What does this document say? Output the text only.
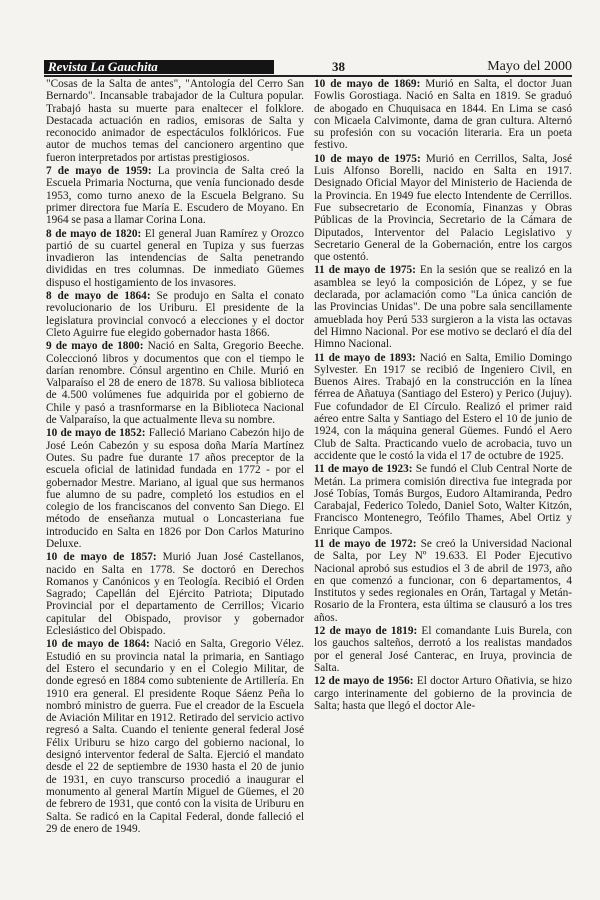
Revista La Gauchita	38	Mayo del 2000

"Cosas de la Salta de antes", "Antología del Cerro San Bernardo". Incansable trabajador de la Cultura popular. Trabajó hasta su muerte para enaltecer el folklore. Destacada actuación en radios, emisoras de Salta y reconocido animador de espectáculos folklóricos. Fue autor de muchos temas del cancionero argentino que fueron interpretados por artistas prestigiosos.

7 de mayo de 1959: La provincia de Salta creó la Escuela Primaria Nocturna, que venía funcionado desde 1953, como turno anexo de la Escuela Belgrano. Su primer directora fue María E. Escudero de Moyano. En 1964 se pasa a llamar Corina Lona.

8 de mayo de 1820: El general Juan Ramírez y Orozco partió de su cuartel general en Tupiza y sus fuerzas invadieron las intendencias de Salta penetrando divididas en tres columnas. De inmediato Güemes dispuso el hostigamiento de los invasores.

8 de mayo de 1864: Se produjo en Salta el conato revolucionario de los Uriburu. El presidente de la legislatura provincial convocó a elecciones y el doctor Cleto Aguirre fue elegido gobernador hasta 1866.

9 de mayo de 1800: Nació en Salta, Gregorio Beeche. Coleccionó libros y documentos que con el tiempo le darían renombre. Cónsul argentino en Chile. Murió en Valparaíso el 28 de enero de 1878. Su valiosa biblioteca de 4.500 volúmenes fue adquirida por el gobierno de Chile y pasó a trasnformarse en la Biblioteca Nacional de Valparaíso, la que actualmente lleva su nombre.

10 de mayo de 1852: Falleció Mariano Cabezón hijo de José León Cabezón y su esposa doña María Martínez Outes. Su padre fue durante 17 años preceptor de la escuela oficial de latinidad fundada en 1772 - por el gobernador Mestre. Mariano, al igual que sus hermanos fue alumno de su padre, completó los estudios en el colegio de los franciscanos del convento San Diego. El método de enseñanza mutual o Loncasteriana fue introducido en Salta en 1826 por Don Carlos Maturino Deluxe.

10 de mayo de 1857: Murió Juan José Castellanos, nacido en Salta en 1778. Se doctoró en Derechos Romanos y Canónicos y en Teología. Recibió el Orden Sagrado; Capellán del Ejército Patriota; Diputado Provincial por el departamento de Cerrillos; Vicario capitular del Obispado, provisor y gobernador Eclesiástico del Obispado.

10 de mayo de 1864: Nació en Salta, Gregorio Vélez. Estudió en su provincia natal la primaria, en Santiago del Estero el secundario y en el Colegio Militar, de donde egresó en 1884 como subteniente de Artillería. En 1910 era general. El presidente Roque Sáenz Peña lo nombró ministro de guerra. Fue el creador de la Escuela de Aviación Militar en 1912. Retirado del servicio activo regresó a Salta. Cuando el teniente general federal José Félix Uriburu se hizo cargo del gobierno nacional, lo designó interventor federal de Salta. Ejerció el mandato desde el 22 de septiembre de 1930 hasta el 20 de junio de 1931, en cuyo transcurso procedió a inaugurar el monumento al general Martín Miguel de Güemes, el 20 de febrero de 1931, que contó con la visita de Uriburu en Salta. Se radicó en la Capital Federal, donde falleció el 29 de enero de 1949.

10 de mayo de 1869: Murió en Salta, el doctor Juan Fowlis Gorostiaga. Nació en Salta en 1819. Se graduó de abogado en Chuquisaca en 1844. En Lima se casó con Micaela Calvimonte, dama de gran cultura. Alternó su profesión con su vocación literaria. Era un poeta festivo.

10 de mayo de 1975: Murió en Cerrillos, Salta, José Luis Alfonso Borelli, nacido en Salta en 1917. Designado Oficial Mayor del Ministerio de Hacienda de la Provincia. En 1949 fue electo Intendente de Cerrillos. Fue subsecretario de Economía, Finanzas y Obras Públicas de la Provincia, Secretario de la Cámara de Diputados, Interventor del Palacio Legislativo y Secretario General de la Gobernación, entre los cargos que ostentó.

11 de mayo de 1975: En la sesión que se realizó en la asamblea se leyó la composición de López, y se fue declarada, por aclamación como "La única canción de las Provincias Unidas". De una pobre sala sencillamente amueblada hoy Perú 533 surgieron a la vista las octavas del Himno Nacional. Por ese motivo se declaró el día del Himno Nacional.

11 de mayo de 1893: Nació en Salta, Emilio Domingo Sylvester. En 1917 se recibió de Ingeniero Civil, en Buenos Aires. Trabajó en la construcción en la línea férrea de Añatuya (Santiago del Estero) y Perico (Jujuy). Fue cofundador de El Círculo. Realizó el primer raid aéreo entre Salta y Santiago del Estero el 10 de junio de 1924, con la máquina general Güemes. Fundó el Aero Club de Salta. Practicando vuelo de acrobacia, tuvo un accidente que le costó la vida el 17 de octubre de 1925.

11 de mayo de 1923: Se fundó el Club Central Norte de Metán. La primera comisión directiva fue integrada por José Tobías, Tomás Burgos, Eudoro Altamiranda, Pedro Carabajal, Federico Toledo, Daniel Soto, Walter Kitzón, Francisco Montenegro, Teófilo Thames, Abel Ortiz y Enrique Campos.

11 de mayo de 1972: Se creó la Universidad Nacional de Salta, por Ley Nº 19.633. El Poder Ejecutivo Nacional aprobó sus estudios el 3 de abril de 1973, año en que comenzó a funcionar, con 6 departamentos, 4 Institutos y sedes regionales en Orán, Tartagal y Metán-Rosario de la Frontera, esta última se clausuró a los tres años.

12 de mayo de 1819: El comandante Luis Burela, con los gauchos salteños, derrotó a los realistas mandados por el general José Canterac, en Iruya, provincia de Salta.

12 de mayo de 1956: El doctor Arturo Oñativia, se hizo cargo interinamente del gobierno de la provincia de Salta; hasta que llegó el doctor Ale-
